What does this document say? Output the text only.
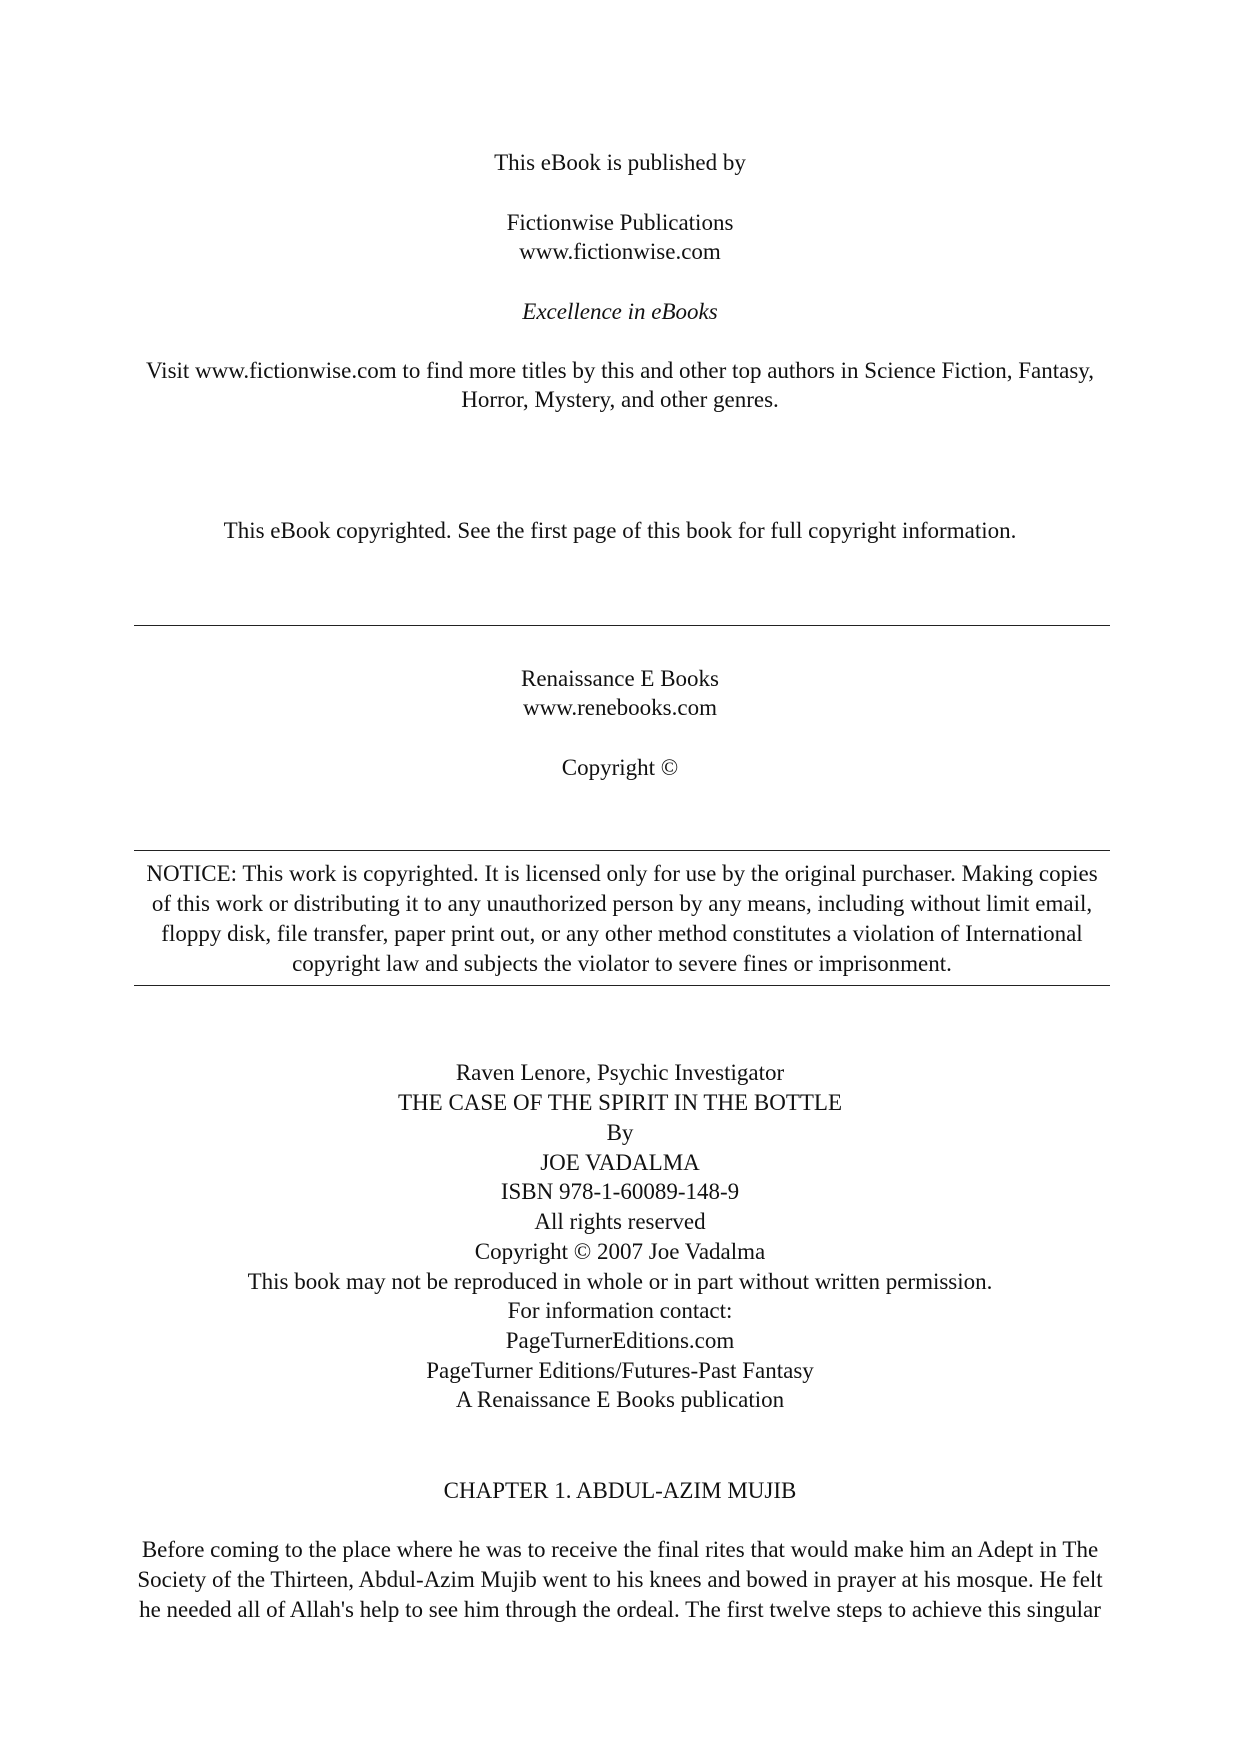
This eBook is published by
Fictionwise Publications
www.fictionwise.com
Excellence in eBooks
Visit www.fictionwise.com to find more titles by this and other top authors in Science Fiction, Fantasy,
Horror, Mystery, and other genres.
This eBook copyrighted. See the first page of this book for full copyright information.
Renaissance E Books
www.renebooks.com
Copyright ©
NOTICE: This work is copyrighted. It is licensed only for use by the original purchaser. Making copies
of this work or distributing it to any unauthorized person by any means, including without limit email,
floppy disk, file transfer, paper print out, or any other method constitutes a violation of International
copyright law and subjects the violator to severe fines or imprisonment.
Raven Lenore, Psychic Investigator
THE CASE OF THE SPIRIT IN THE BOTTLE
By
JOE VADALMA
ISBN 978-1-60089-148-9
All rights reserved
Copyright © 2007 Joe Vadalma
This book may not be reproduced in whole or in part without written permission.
For information contact:
PageTurnerEditions.com
PageTurner Editions/Futures-Past Fantasy
A Renaissance E Books publication
CHAPTER 1. ABDUL-AZIM MUJIB
Before coming to the place where he was to receive the final rites that would make him an Adept in The
Society of the Thirteen, Abdul-Azim Mujib went to his knees and bowed in prayer at his mosque. He felt
he needed all of Allah's help to see him through the ordeal. The first twelve steps to achieve this singular
